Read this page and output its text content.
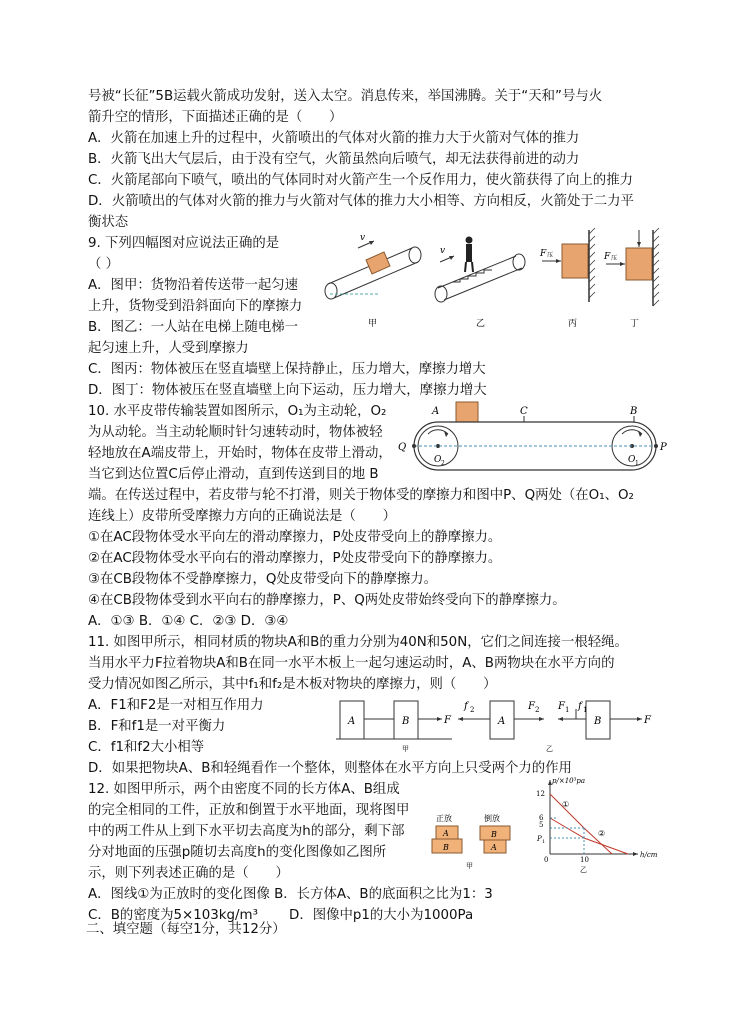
号被“长征”5B运载火箭成功发射，送入太空。消息传来，举国沸腾。关于“天和”号与火
箭升空的情形，下面描述正确的是（　　）
A．火箭在加速上升的过程中，火箭喷出的气体对火箭的推力大于火箭对气体的推力
B．火箭飞出大气层后，由于没有空气，火箭虽然向后喷气，却无法获得前进的动力
C．火箭尾部向下喷气，喷出的气体同时对火箭产生一个反作用力，使火箭获得了向上的推力
D．火箭喷出的气体对火箭的推力与火箭对气体的推力大小相等、方向相反，火箭处于二力平
衡状态
9. 下列四幅图对应说法正确的是
（ ）
A．图甲：货物沿着传送带一起匀速
上升，货物受到沿斜面向下的摩擦力
B．图乙：一人站在电梯上随电梯一
起匀速上升，人受到摩擦力
C．图丙：物体被压在竖直墙壁上保持静止，压力增大，摩擦力增大
D．图丁：物体被压在竖直墙壁上向下运动，压力增大，摩擦力增大
v
甲
v
乙
F 压
丙
F 压
丁
10. 水平皮带传输装置如图所示，O₁为主动轮，O₂
为从动轮。当主动轮顺时针匀速转动时，物体被轻
轻地放在A端皮带上，开始时，物体在皮带上滑动，
当它到达位置C后停止滑动，直到传送到目的地 B
端。在传送过程中，若皮带与轮不打滑，则关于物体受的摩擦力和图中P、Q两处（在O₁、O₂
连线上）皮带所受摩擦力方向的正确说法是（　　）
①在AC段物体受水平向左的滑动摩擦力，P处皮带受向上的静摩擦力。
②在AC段物体受水平向右的滑动摩擦力，P处皮带受向下的静摩擦力。
③在CB段物体不受静摩擦力，Q处皮带受向下的静摩擦力。
④在CB段物体受到水平向右的静摩擦力，P、Q两处皮带始终受向下的静摩擦力。
A．①③ B．①④ C．②③ D．③④
A	C	B
Q	P
O 2	O 1
11. 如图甲所示，相同材质的物块A和B的重力分别为40N和50N，它们之间连接一根轻绳。
当用水平力F拉着物块A和B在同一水平木板上一起匀速运动时，A、B两物块在水平方向的
受力情况如图乙所示，其中f₁和f₂是木板对物块的摩擦力，则（　　）
A．F1和F2是一对相互作用力
B．F和f1是一对平衡力
C．f1和f2大小相等
D．如果把物块A、B和轻绳看作一个整体，则整体在水平方向上只受两个力的作用
A	B	F
甲
A
f 2	F 2
B
F 1 f 1
F
乙
12. 如图甲所示，两个由密度不同的长方体A、B组成
的完全相同的工件，正放和倒置于水平地面，现将图甲
中的两工件从上到下水平切去高度为h的部分，剩下部
分对地面的压强p随切去高度h的变化图像如乙图所
示，则下列表述正确的是（　　）
A．图线①为正放时的变化图像 B．长方体A、B的底面积之比为1：3
C．B的密度为5×103kg/m³　　 D．图像中p1的大小为1000Pa
正放	倒放
A
B
B
A
甲
p/×10³pa
12
6
5
P 1
0	10
h/cm
①
②
乙
二、填空题（每空1分，共12分）
